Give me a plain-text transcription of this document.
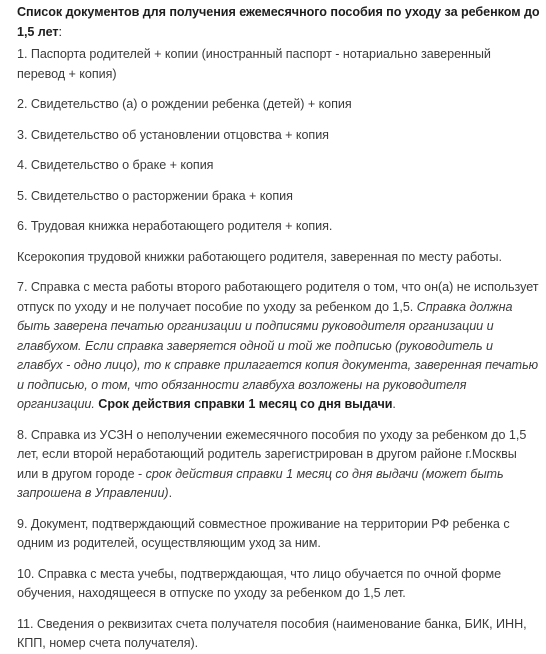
Список документов для получения ежемесячного пособия по уходу за ребенком до 1,5 лет:
1. Паспорта родителей + копии (иностранный паспорт - нотариально заверенный перевод + копия)
2. Свидетельство (а) о рождении ребенка (детей) + копия
3. Свидетельство об установлении отцовства + копия
4. Свидетельство о браке + копия
5. Свидетельство о расторжении брака + копия
6. Трудовая книжка неработающего родителя + копия.
Ксерокопия трудовой книжки работающего родителя, заверенная по месту работы.
7. Справка с места работы второго работающего родителя о том, что он(а) не использует отпуск по уходу и не получает пособие по уходу за ребенком до 1,5. Справка должна быть заверена печатью организации и подписями руководителя организации и главбухом. Если справка заверяется одной и той же подписью (руководитель и главбух - одно лицо), то к справке прилагается копия документа, заверенная печатью и подписью, о том, что обязанности главбуха возложены на руководителя организации. Срок действия справки 1 месяц со дня выдачи.
8. Справка из УСЗН о неполучении ежемесячного пособия по уходу за ребенком до 1,5 лет, если второй неработающий родитель зарегистрирован в другом районе г.Москвы или в другом городе - срок действия справки 1 месяц со дня выдачи (может быть запрошена в Управлении).
9. Документ, подтверждающий совместное проживание на территории РФ ребенка с одним из родителей, осуществляющим уход за ним.
10. Справка с места учебы, подтверждающая, что лицо обучается по очной форме обучения, находящееся в отпуске по уходу за ребенком до 1,5 лет.
11. Сведения о реквизитах счета получателя пособия (наименование банка, БИК, ИНН, КПП, номер счета получателя).
